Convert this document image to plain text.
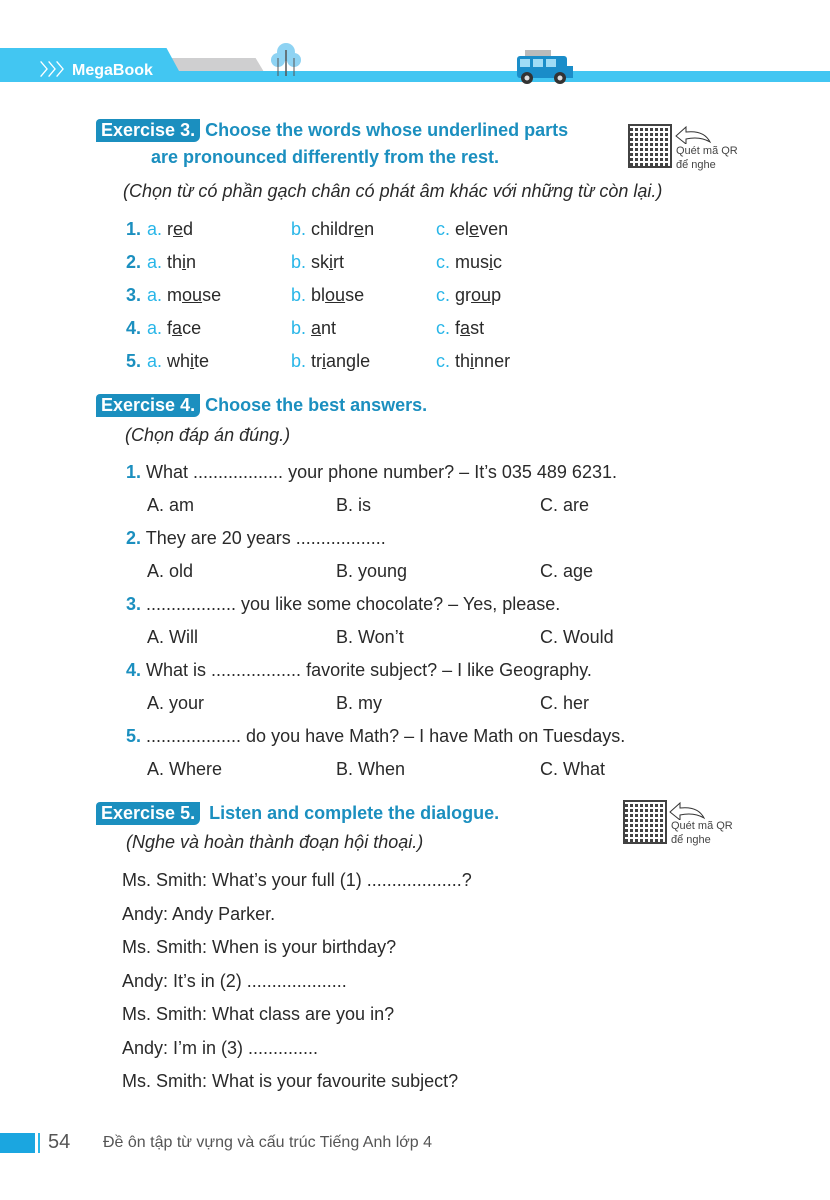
〉〉〉MegaBook
Exercise 3. Choose the words whose underlined parts
are pronounced differently from the rest.	Quét mã QR
để nghe
(Chọn từ có phần gạch chân có phát âm khác với những từ còn lại.)
1. a. red	b. children	c. eleven
2. a. thin	b. skirt	c. music
3. a. mouse	b. blouse	c. group
4. a. face	b. ant	c. fast
5. a. white	b. triangle	c. thinner
Exercise 4. Choose the best answers.
(Chọn đáp án đúng.)
1. What .................. your phone number? – It’s 035 489 6231.
A. am	B. is	C. are
2. They are 20 years ..................
A. old	B. young	C. age
3. .................. you like some chocolate? – Yes, please.
A. Will	B. Won’t	C. Would
4. What is .................. favorite subject? – I like Geography.
A. your	B. my	C. her
5. ................... do you have Math? – I have Math on Tuesdays.
A. Where	B. When	C. What
Exercise 5. Listen and complete the dialogue.
Quét mã QR
để nghe
(Nghe và hoàn thành đoạn hội thoại.)
Ms. Smith: What’s your full (1) ...................?
Andy: Andy Parker.
Ms. Smith: When is your birthday?
Andy: It’s in (2) ....................
Ms. Smith: What class are you in?
Andy: I’m in (3) ..............
Ms. Smith: What is your favourite subject?
54 Đề ôn tập từ vựng và cấu trúc Tiếng Anh lớp 4
